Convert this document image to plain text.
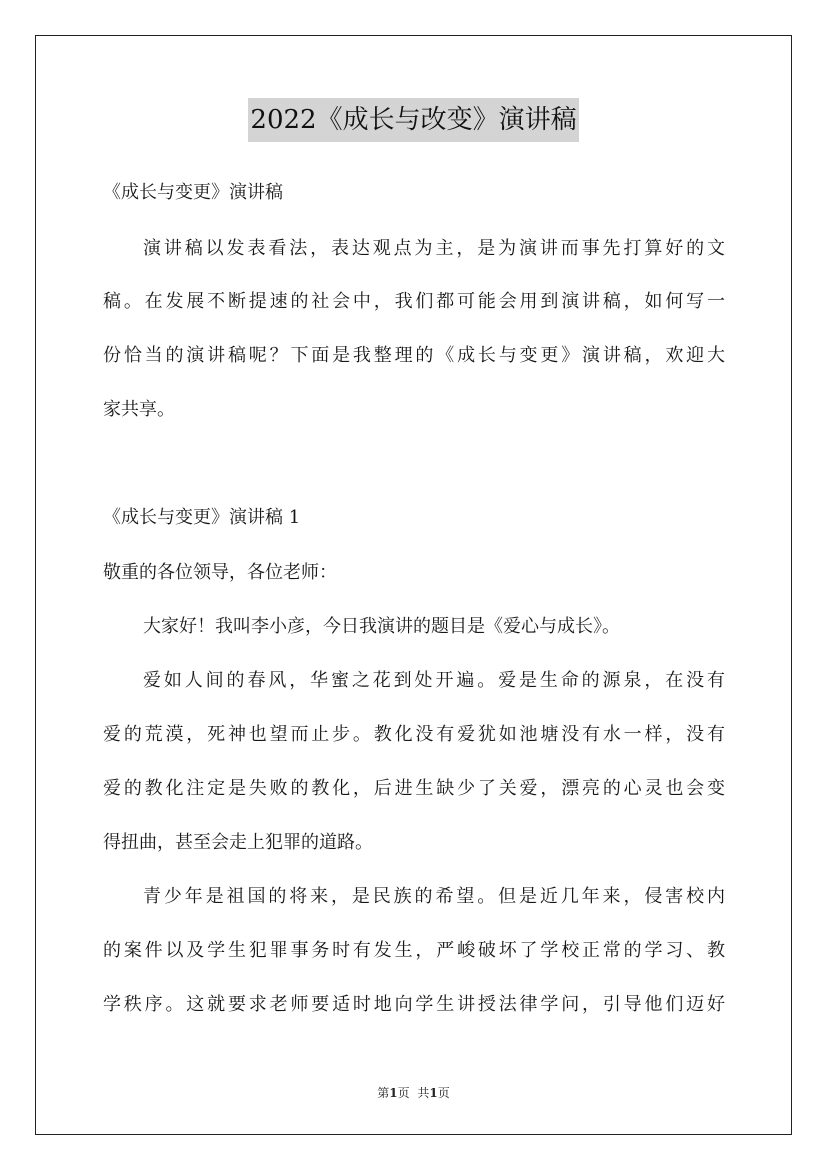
2022《成长与改变》演讲稿
《成长与变更》演讲稿
演讲稿以发表看法，表达观点为主，是为演讲而事先打算好的文
稿。在发展不断提速的社会中，我们都可能会用到演讲稿，如何写一
份恰当的演讲稿呢？下面是我整理的《成长与变更》演讲稿，欢迎大
家共享。
《成长与变更》演讲稿 1
敬重的各位领导，各位老师：
大家好！我叫李小彦，今日我演讲的题目是《爱心与成长》。
爱如人间的春风，华蜜之花到处开遍。爱是生命的源泉，在没有
爱的荒漠，死神也望而止步。教化没有爱犹如池塘没有水一样，没有
爱的教化注定是失败的教化，后进生缺少了关爱，漂亮的心灵也会变
得扭曲，甚至会走上犯罪的道路。
青少年是祖国的将来，是民族的希望。但是近几年来，侵害校内
的案件以及学生犯罪事务时有发生，严峻破坏了学校正常的学习、教
学秩序。这就要求老师要适时地向学生讲授法律学问，引导他们迈好
第1页 共1页
